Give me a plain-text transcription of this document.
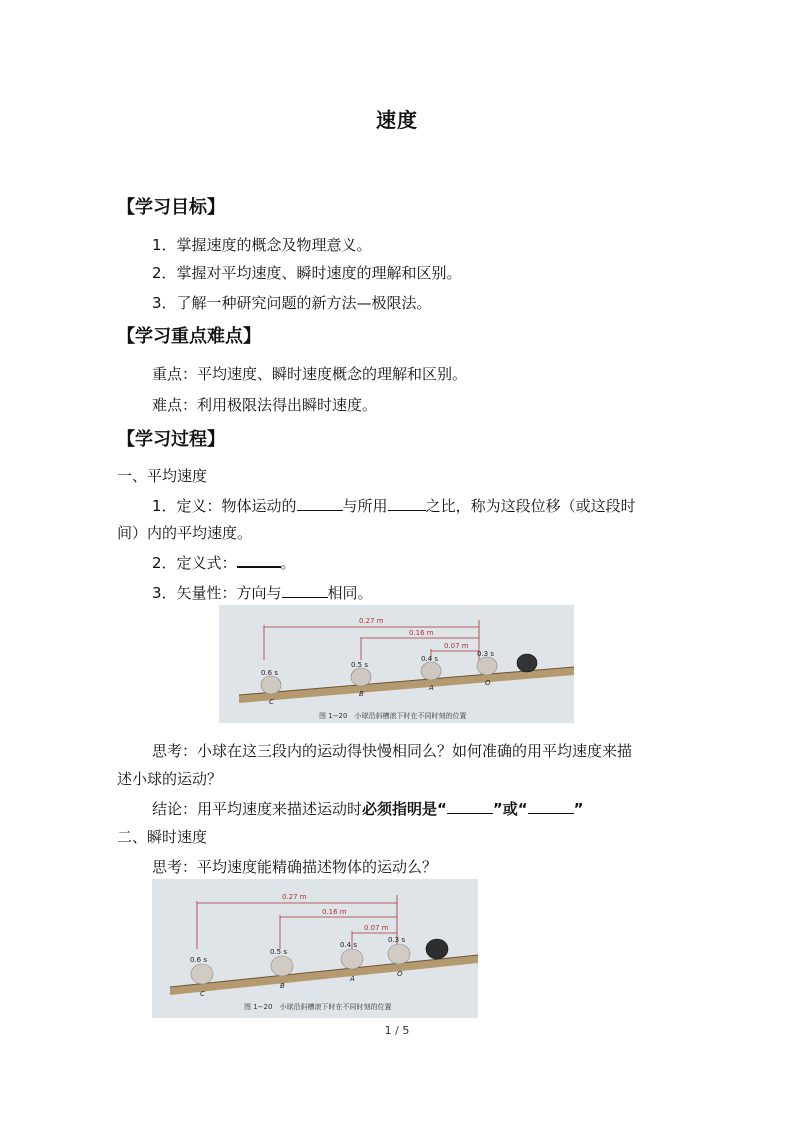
速度
【学习目标】
1．掌握速度的概念及物理意义。
2．掌握对平均速度、瞬时速度的理解和区别。
3．了解一种研究问题的新方法—极限法。
【学习重点难点】
重点：平均速度、瞬时速度概念的理解和区别。
难点：利用极限法得出瞬时速度。
【学习过程】
一、平均速度
1．定义：物体运动的	与所用	之比，称为这段位移（或这段时
间）内的平均速度。
2．定义式：	。
3．矢量性：方向与	相同。
0.27 m
0.16 m
0.07 m
0.6 s
0.5 s
0.4 s
0.3 s
C
B
A
O
图 1−20　小球沿斜槽滚下时在不同时刻的位置
思考：小球在这三段内的运动得快慢相同么？如何准确的用平均速度来描
述小球的运动？
结论：用平均速度来描述运动时必须指明是“	”或“	”
二、瞬时速度
思考：平均速度能精确描述物体的运动么？
0.27 m
0.16 m
0.07 m
0.6 s
0.5 s
0.4 s
0.3 s
C
B
A
O
图 1−20　小球沿斜槽滚下时在不同时刻的位置
1 / 5
